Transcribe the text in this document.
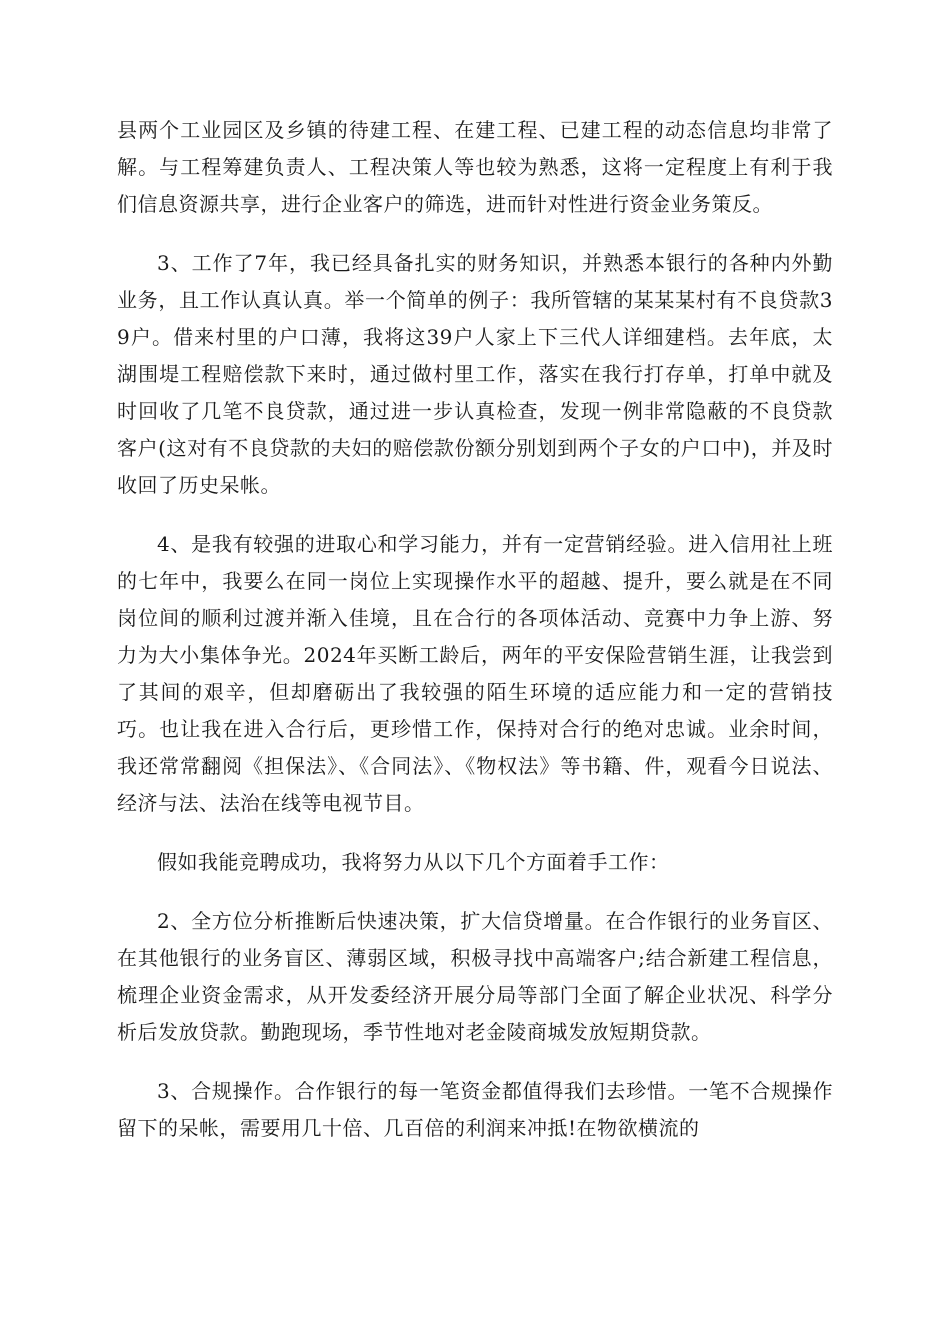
县两个工业园区及乡镇的待建工程、在建工程、已建工程的动态信息均非常了解。与工程筹建负责人、工程决策人等也较为熟悉，这将一定程度上有利于我们信息资源共享，进行企业客户的筛选，进而针对性进行资金业务策反。

3、工作了7年，我已经具备扎实的财务知识，并熟悉本银行的各种内外勤业务，且工作认真认真。举一个简单的例子：我所管辖的某某某村有不良贷款39户。借来村里的户口薄，我将这39户人家上下三代人详细建档。去年底，太湖围堤工程赔偿款下来时，通过做村里工作，落实在我行打存单，打单中就及时回收了几笔不良贷款，通过进一步认真检查，发现一例非常隐蔽的不良贷款客户(这对有不良贷款的夫妇的赔偿款份额分别划到两个子女的户口中)，并及时收回了历史呆帐。

4、是我有较强的进取心和学习能力，并有一定营销经验。进入信用社上班的七年中，我要么在同一岗位上实现操作水平的超越、提升，要么就是在不同岗位间的顺利过渡并渐入佳境，且在合行的各项体活动、竞赛中力争上游、努力为大小集体争光。2024年买断工龄后，两年的平安保险营销生涯，让我尝到了其间的艰辛，但却磨砺出了我较强的陌生环境的适应能力和一定的营销技巧。也让我在进入合行后，更珍惜工作，保持对合行的绝对忠诚。业余时间，我还常常翻阅《担保法》、《合同法》、《物权法》等书籍、件，观看今日说法、经济与法、法治在线等电视节目。

假如我能竞聘成功，我将努力从以下几个方面着手工作：

2、全方位分析推断后快速决策，扩大信贷增量。在合作银行的业务盲区、在其他银行的业务盲区、薄弱区域，积极寻找中高端客户;结合新建工程信息，梳理企业资金需求，从开发委经济开展分局等部门全面了解企业状况、科学分析后发放贷款。勤跑现场，季节性地对老金陵商城发放短期贷款。

3、合规操作。合作银行的每一笔资金都值得我们去珍惜。一笔不合规操作留下的呆帐，需要用几十倍、几百倍的利润来冲抵!在物欲横流的
